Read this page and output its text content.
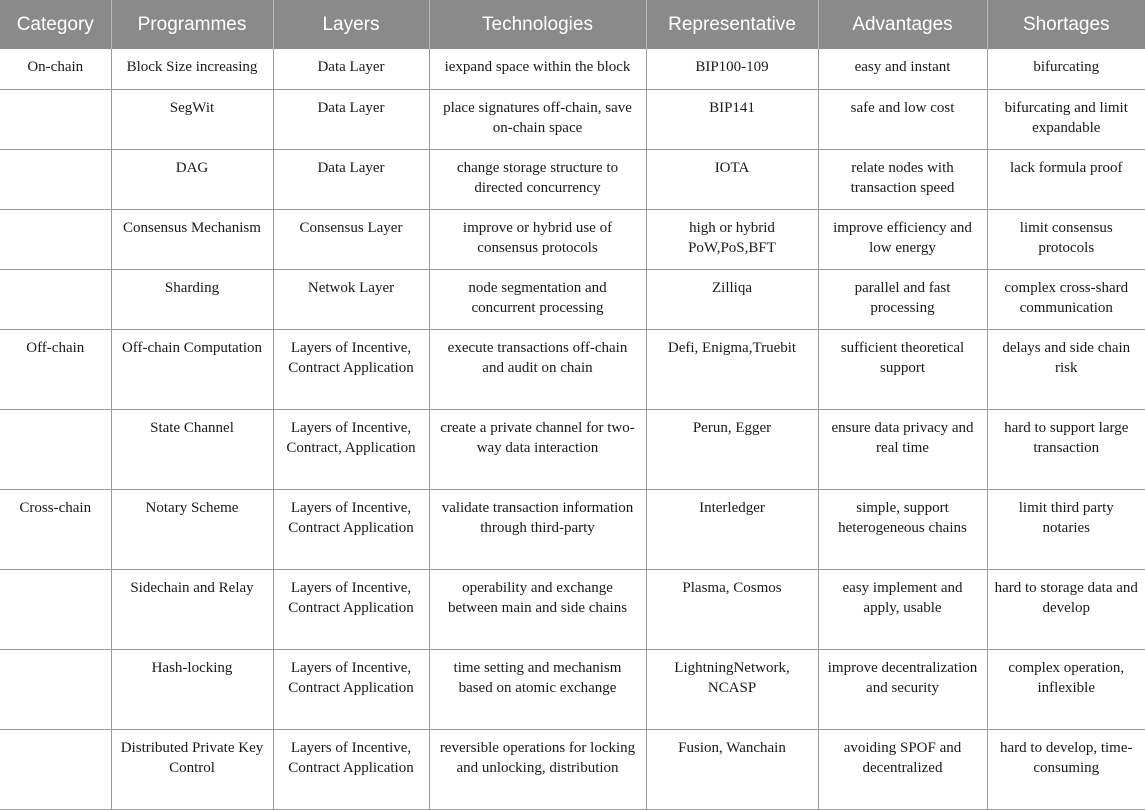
Category	Programmes	Layers	Technologies	Representative	Advantages	Shortages
On-chain	Block Size increasing	Data Layer	iexpand space within the block	BIP100-109	easy and instant	bifurcating
	SegWit	Data Layer	place signatures off-chain, save on-chain space	BIP141	safe and low cost	bifurcating and limit expandable
	DAG	Data Layer	change storage structure to directed concurrency	IOTA	relate nodes with transaction speed	lack formula proof
	Consensus Mechanism	Consensus Layer	improve or hybrid use of consensus protocols	high or hybrid PoW,PoS,BFT	improve efficiency and low energy	limit consensus protocols
	Sharding	Netwok Layer	node segmentation and concurrent processing	Zilliqa	parallel and fast processing	complex cross-shard communication
Off-chain	Off-chain Computation	Layers of Incentive, Contract Application	execute transactions off-chain and audit on chain	Defi, Enigma,Truebit	sufficient theoretical support	delays and side chain risk
	State Channel	Layers of Incentive, Contract, Application	create a private channel for two-way data interaction	Perun, Egger	ensure data privacy and real time	hard to support large transaction
Cross-chain	Notary Scheme	Layers of Incentive, Contract Application	validate transaction information through third-party	Interledger	simple, support heterogeneous chains	limit third party notaries
	Sidechain and Relay	Layers of Incentive, Contract Application	operability and exchange between main and side chains	Plasma, Cosmos	easy implement and apply, usable	hard to storage data and develop
	Hash-locking	Layers of Incentive, Contract Application	time setting and mechanism based on atomic exchange	LightningNetwork, NCASP	improve decentralization and security	complex operation, inflexible
	Distributed Private Key Control	Layers of Incentive, Contract Application	reversible operations for locking and unlocking, distribution	Fusion, Wanchain	avoiding SPOF and decentralized	hard to develop, time-consuming
